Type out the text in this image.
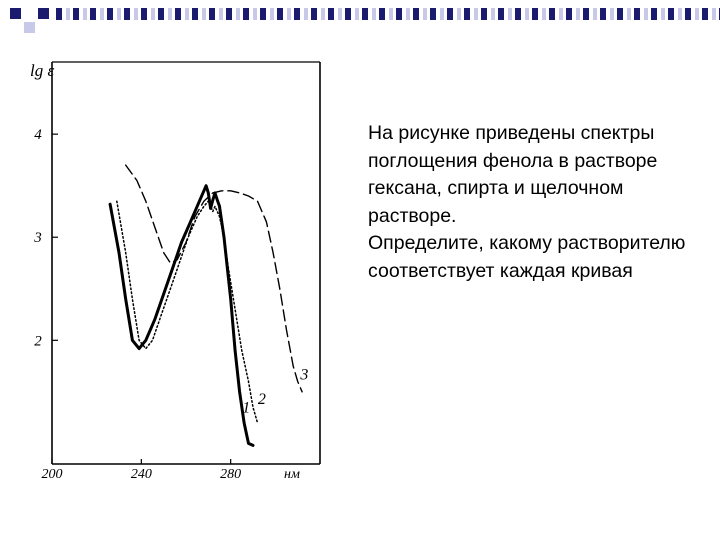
lg ε
нм
2
3
4
200	240	280
1 2
3

На рисунке приведены спектры поглощения фенола в растворе гексана, спирта и щелочном растворе.

Определите, какому растворителю соответствует каждая кривая
